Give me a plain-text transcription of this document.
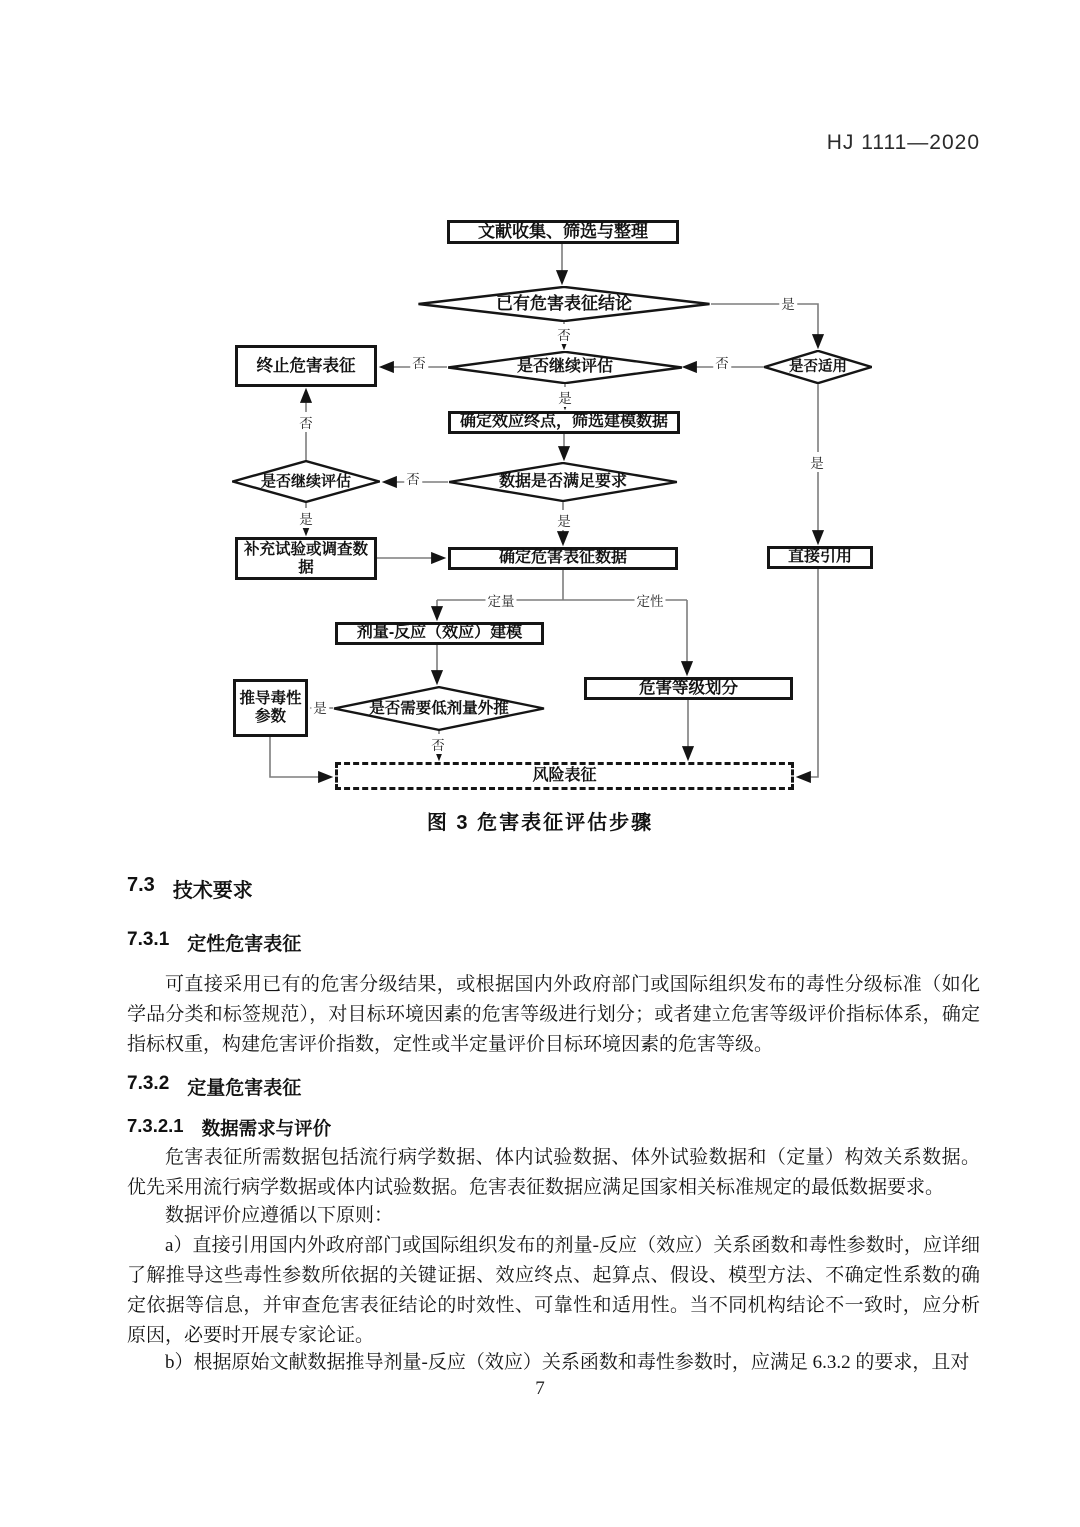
HJ 1111—2020
文献收集、筛选与整理
终止危害表征
确定效应终点，筛选建模数据
补充试验或调查数据
确定危害表征数据	直接引用
剂量-反应（效应）建模
危害等级划分
推导毒性参数
已有危害表征结论
是否继续评估	是否适用
数据是否满足要求
是否继续评估
是否需要低剂量外推
风险表征
是
否
否
否
是
是
否
否
是	是
定量	定性
是
否
图 3 危害表征评估步骤
7.3 技术要求
7.3.1 定性危害表征
可直接采用已有的危害分级结果，或根据国内外政府部门或国际组织发布的毒性分级标准（如化学品分类和标签规范），对目标环境因素的危害等级进行划分；或者建立危害等级评价指标体系，确定指标权重，构建危害评价指数，定性或半定量评价目标环境因素的危害等级。
7.3.2 定量危害表征
7.3.2.1 数据需求与评价
危害表征所需数据包括流行病学数据、体内试验数据、体外试验数据和（定量）构效关系数据。优先采用流行病学数据或体内试验数据。危害表征数据应满足国家相关标准规定的最低数据要求。
数据评价应遵循以下原则：
a）直接引用国内外政府部门或国际组织发布的剂量-反应（效应）关系函数和毒性参数时，应详细了解推导这些毒性参数所依据的关键证据、效应终点、起算点、假设、模型方法、不确定性系数的确定依据等信息，并审查危害表征结论的时效性、可靠性和适用性。当不同机构结论不一致时，应分析原因，必要时开展专家论证。
b）根据原始文献数据推导剂量-反应（效应）关系函数和毒性参数时，应满足 6.3.2 的要求，且对
7
